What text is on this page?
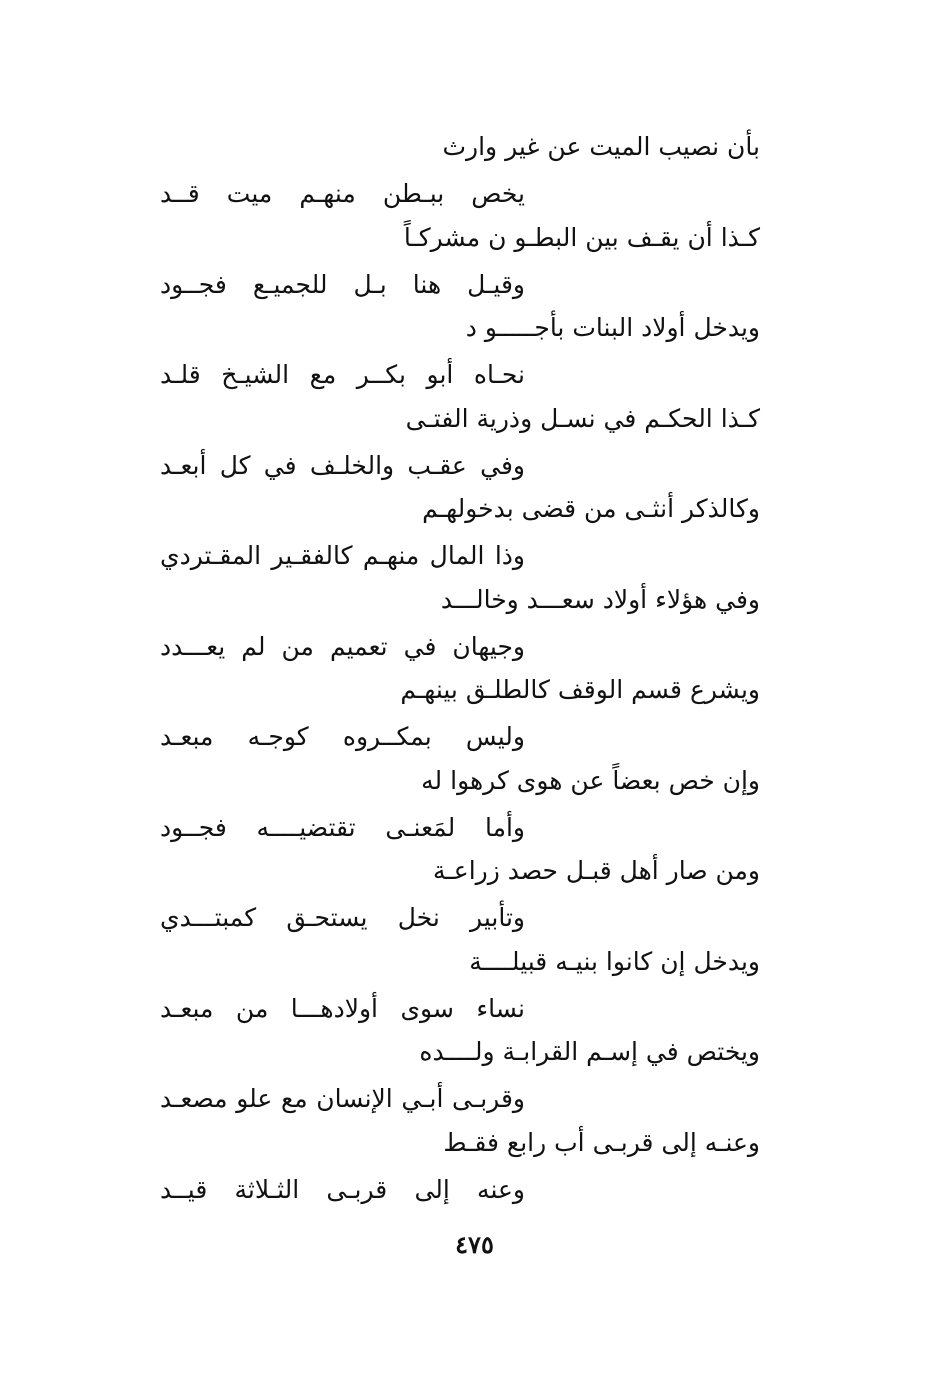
بأن نصيب الميت عن غير وارث
يخص ببـطن منهـم ميت قــد
كـذا أن يقـف بين البطـو ن مشركـاً
وقيـل هنا بـل للجميـع فجــود
ويدخل أولاد البنات بأجـــــو د
نحـاه أبو بكــر مع الشيـخ قلـد
كـذا الحكـم في نسـل وذرية الفتـى
وفي عقـب والخلـف في كل أبعـد
وكالذكر أنثـى من قضى بدخولهـم
وذا المال منهـم كالفقـير المقـتردي
وفي هؤلاء أولاد سعـــد وخالـــد
وجيهان في تعميم من لم يعـــدد
ويشرع قسم الوقف كالطلـق بينهـم
وليس بمكــروه كوجـه مبعـد
وإن خص بعضاً عن هوى كرهوا له
وأما لمَعنـى تقتضيــــه فجــود
ومن صار أهل قبـل حصد زراعـة
وتأبير نخل يستحـق كمبتـــدي
ويدخل إن كانوا بنيـه قبيلــــة
نساء سوى أولادهـــا من مبعـد
ويختص في إسـم القرابـة ولــــده
وقربـى أبـي الإنسان مع علو مصعـد
وعنـه إلى قربـى أب رابع فقـط
وعنه إلى قربـى الثـلاثة قيــد
٤٧٥
